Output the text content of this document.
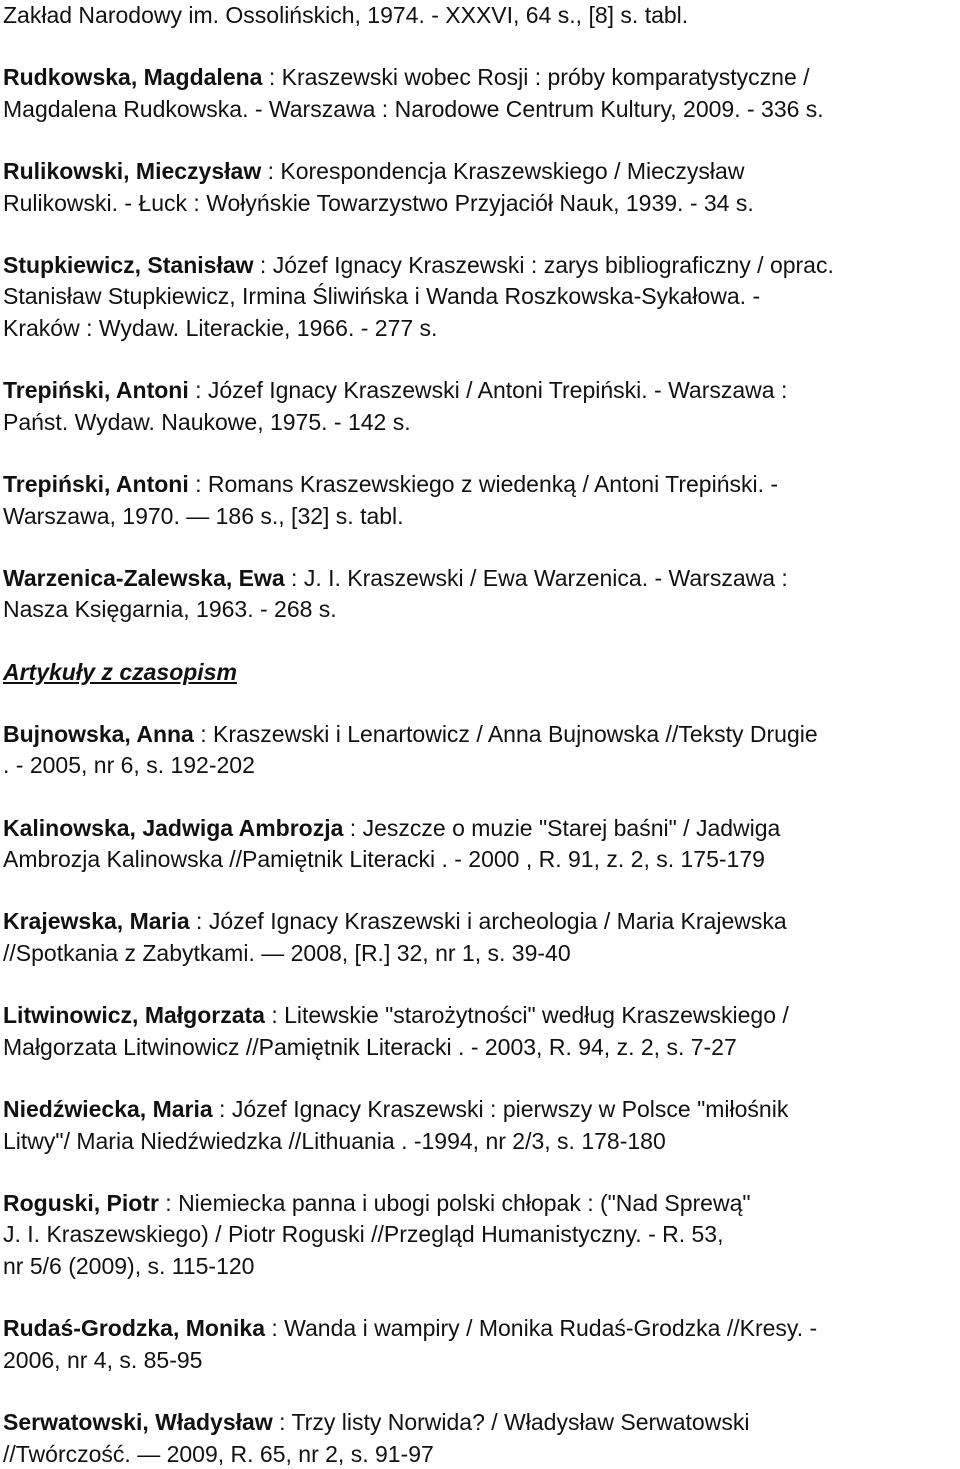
Zakład Narodowy im. Ossolińskich, 1974. - XXXVI, 64 s., [8] s. tabl.
Rudkowska, Magdalena : Kraszewski wobec Rosji : próby komparatystyczne /
Magdalena Rudkowska. - Warszawa : Narodowe Centrum Kultury, 2009. - 336 s.
Rulikowski, Mieczysław : Korespondencja Kraszewskiego / Mieczysław
Rulikowski. - Łuck : Wołyńskie Towarzystwo Przyjaciół Nauk, 1939. - 34 s.
Stupkiewicz, Stanisław : Józef Ignacy Kraszewski : zarys bibliograficzny / oprac.
Stanisław Stupkiewicz, Irmina Śliwińska i Wanda Roszkowska-Sykałowa. -
Kraków : Wydaw. Literackie, 1966. - 277 s.
Trepiński, Antoni : Józef Ignacy Kraszewski / Antoni Trepiński. - Warszawa :
Państ. Wydaw. Naukowe, 1975. - 142 s.
Trepiński, Antoni : Romans Kraszewskiego z wiedenką / Antoni Trepiński. -
Warszawa, 1970. — 186 s., [32] s. tabl.
Warzenica-Zalewska, Ewa : J. I. Kraszewski / Ewa Warzenica. - Warszawa :
Nasza Księgarnia, 1963. - 268 s.
Artykuły z czasopism
Bujnowska, Anna : Kraszewski i Lenartowicz / Anna Bujnowska //Teksty Drugie
. - 2005, nr 6, s. 192-202
Kalinowska, Jadwiga Ambrozja : Jeszcze o muzie "Starej baśni" / Jadwiga
Ambrozja Kalinowska //Pamiętnik Literacki . - 2000 , R. 91, z. 2, s. 175-179
Krajewska, Maria : Józef Ignacy Kraszewski i archeologia / Maria Krajewska
//Spotkania z Zabytkami. — 2008, [R.] 32, nr 1, s. 39-40
Litwinowicz, Małgorzata : Litewskie "starożytności" według Kraszewskiego /
Małgorzata Litwinowicz //Pamiętnik Literacki . - 2003, R. 94, z. 2, s. 7-27
Niedźwiecka, Maria : Józef Ignacy Kraszewski : pierwszy w Polsce "miłośnik
Litwy"/ Maria Niedźwiedzka //Lithuania . -1994, nr 2/3, s. 178-180
Roguski, Piotr : Niemiecka panna i ubogi polski chłopak : ("Nad Sprewą"
J. I. Kraszewskiego) / Piotr Roguski //Przegląd Humanistyczny. - R. 53,
nr 5/6 (2009), s. 115-120
Rudaś-Grodzka, Monika : Wanda i wampiry / Monika Rudaś-Grodzka //Kresy. -
2006, nr 4, s. 85-95
Serwatowski, Władysław : Trzy listy Norwida? / Władysław Serwatowski
//Twórczość. — 2009, R. 65, nr 2, s. 91-97
